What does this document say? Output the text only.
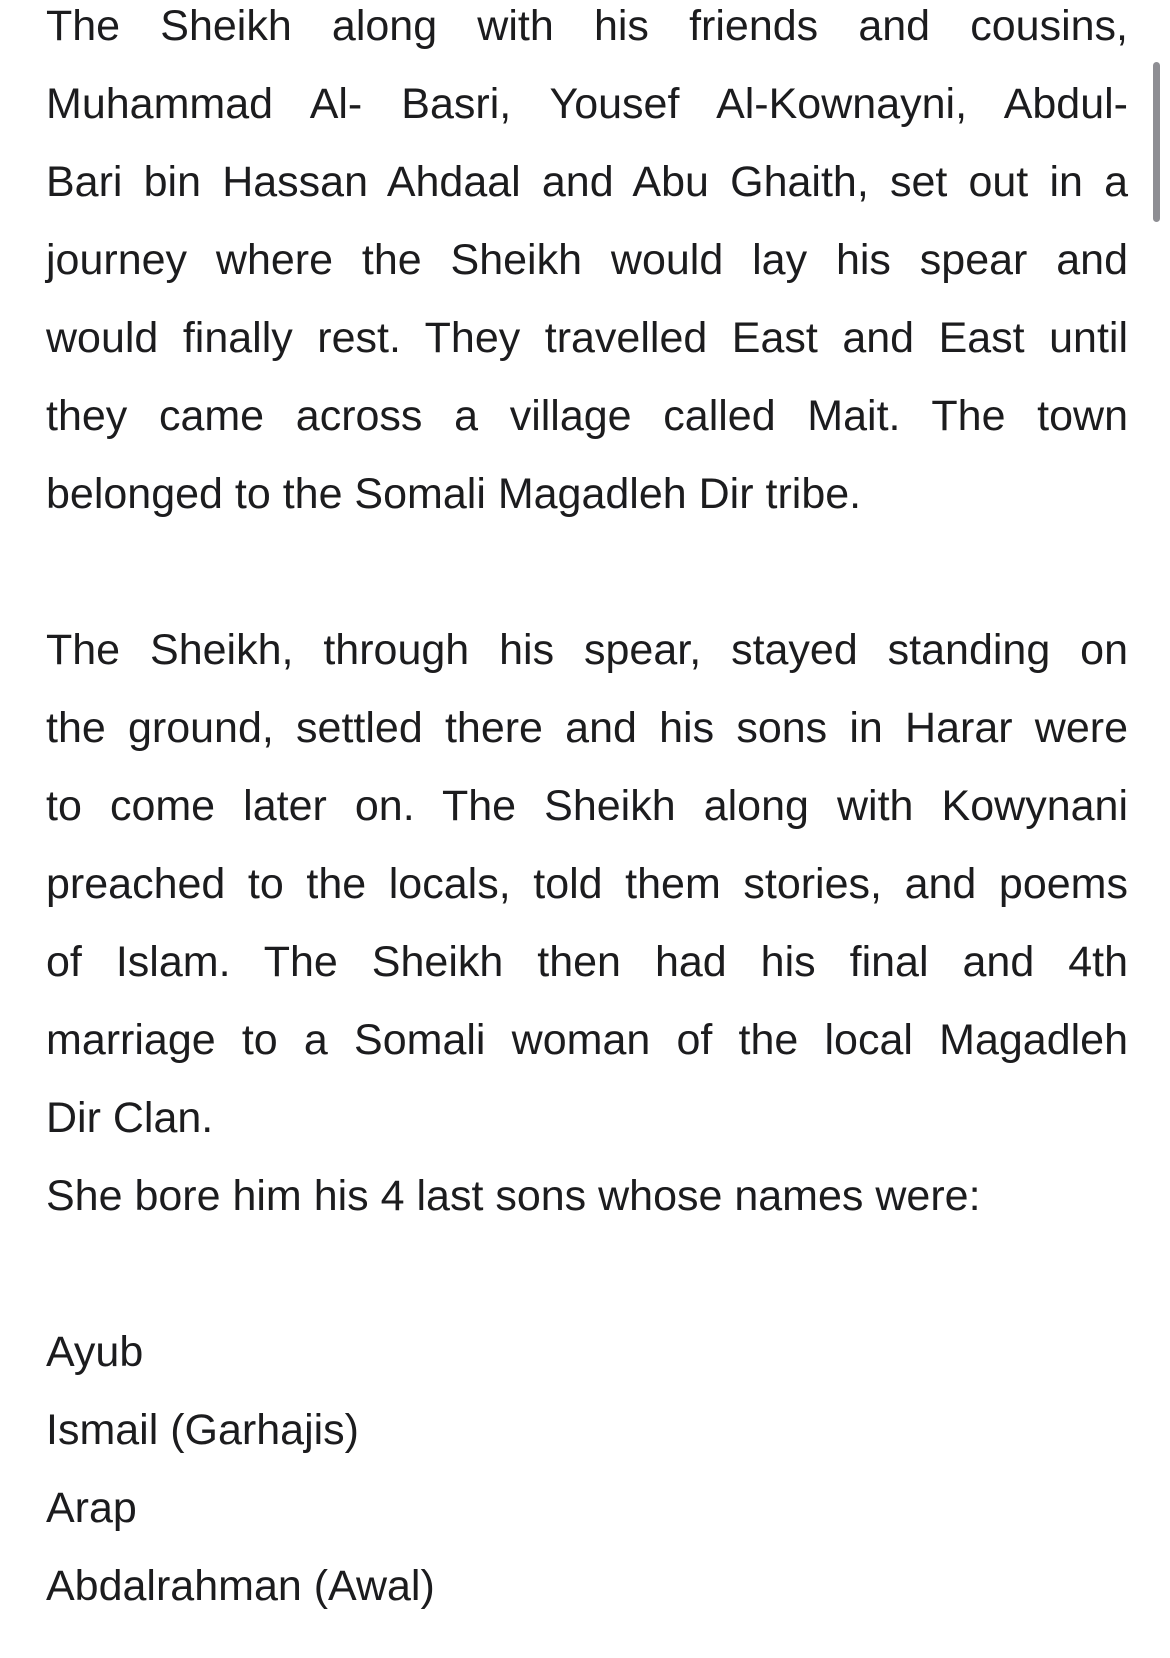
The Sheikh along with his friends and cousins,
Muhammad Al- Basri, Yousef Al-Kownayni, Abdul-
Bari bin Hassan Ahdaal and Abu Ghaith, set out in a
journey where the Sheikh would lay his spear and
would finally rest. They travelled East and East until
they came across a village called Mait. The town
belonged to the Somali Magadleh Dir tribe.
The Sheikh, through his spear, stayed standing on
the ground, settled there and his sons in Harar were
to come later on. The Sheikh along with Kowynani
preached to the locals, told them stories, and poems
of Islam. The Sheikh then had his final and 4th
marriage to a Somali woman of the local Magadleh
Dir Clan.
She bore him his 4 last sons whose names were:
Ayub
Ismail (Garhajis)
Arap
Abdalrahman (Awal)
